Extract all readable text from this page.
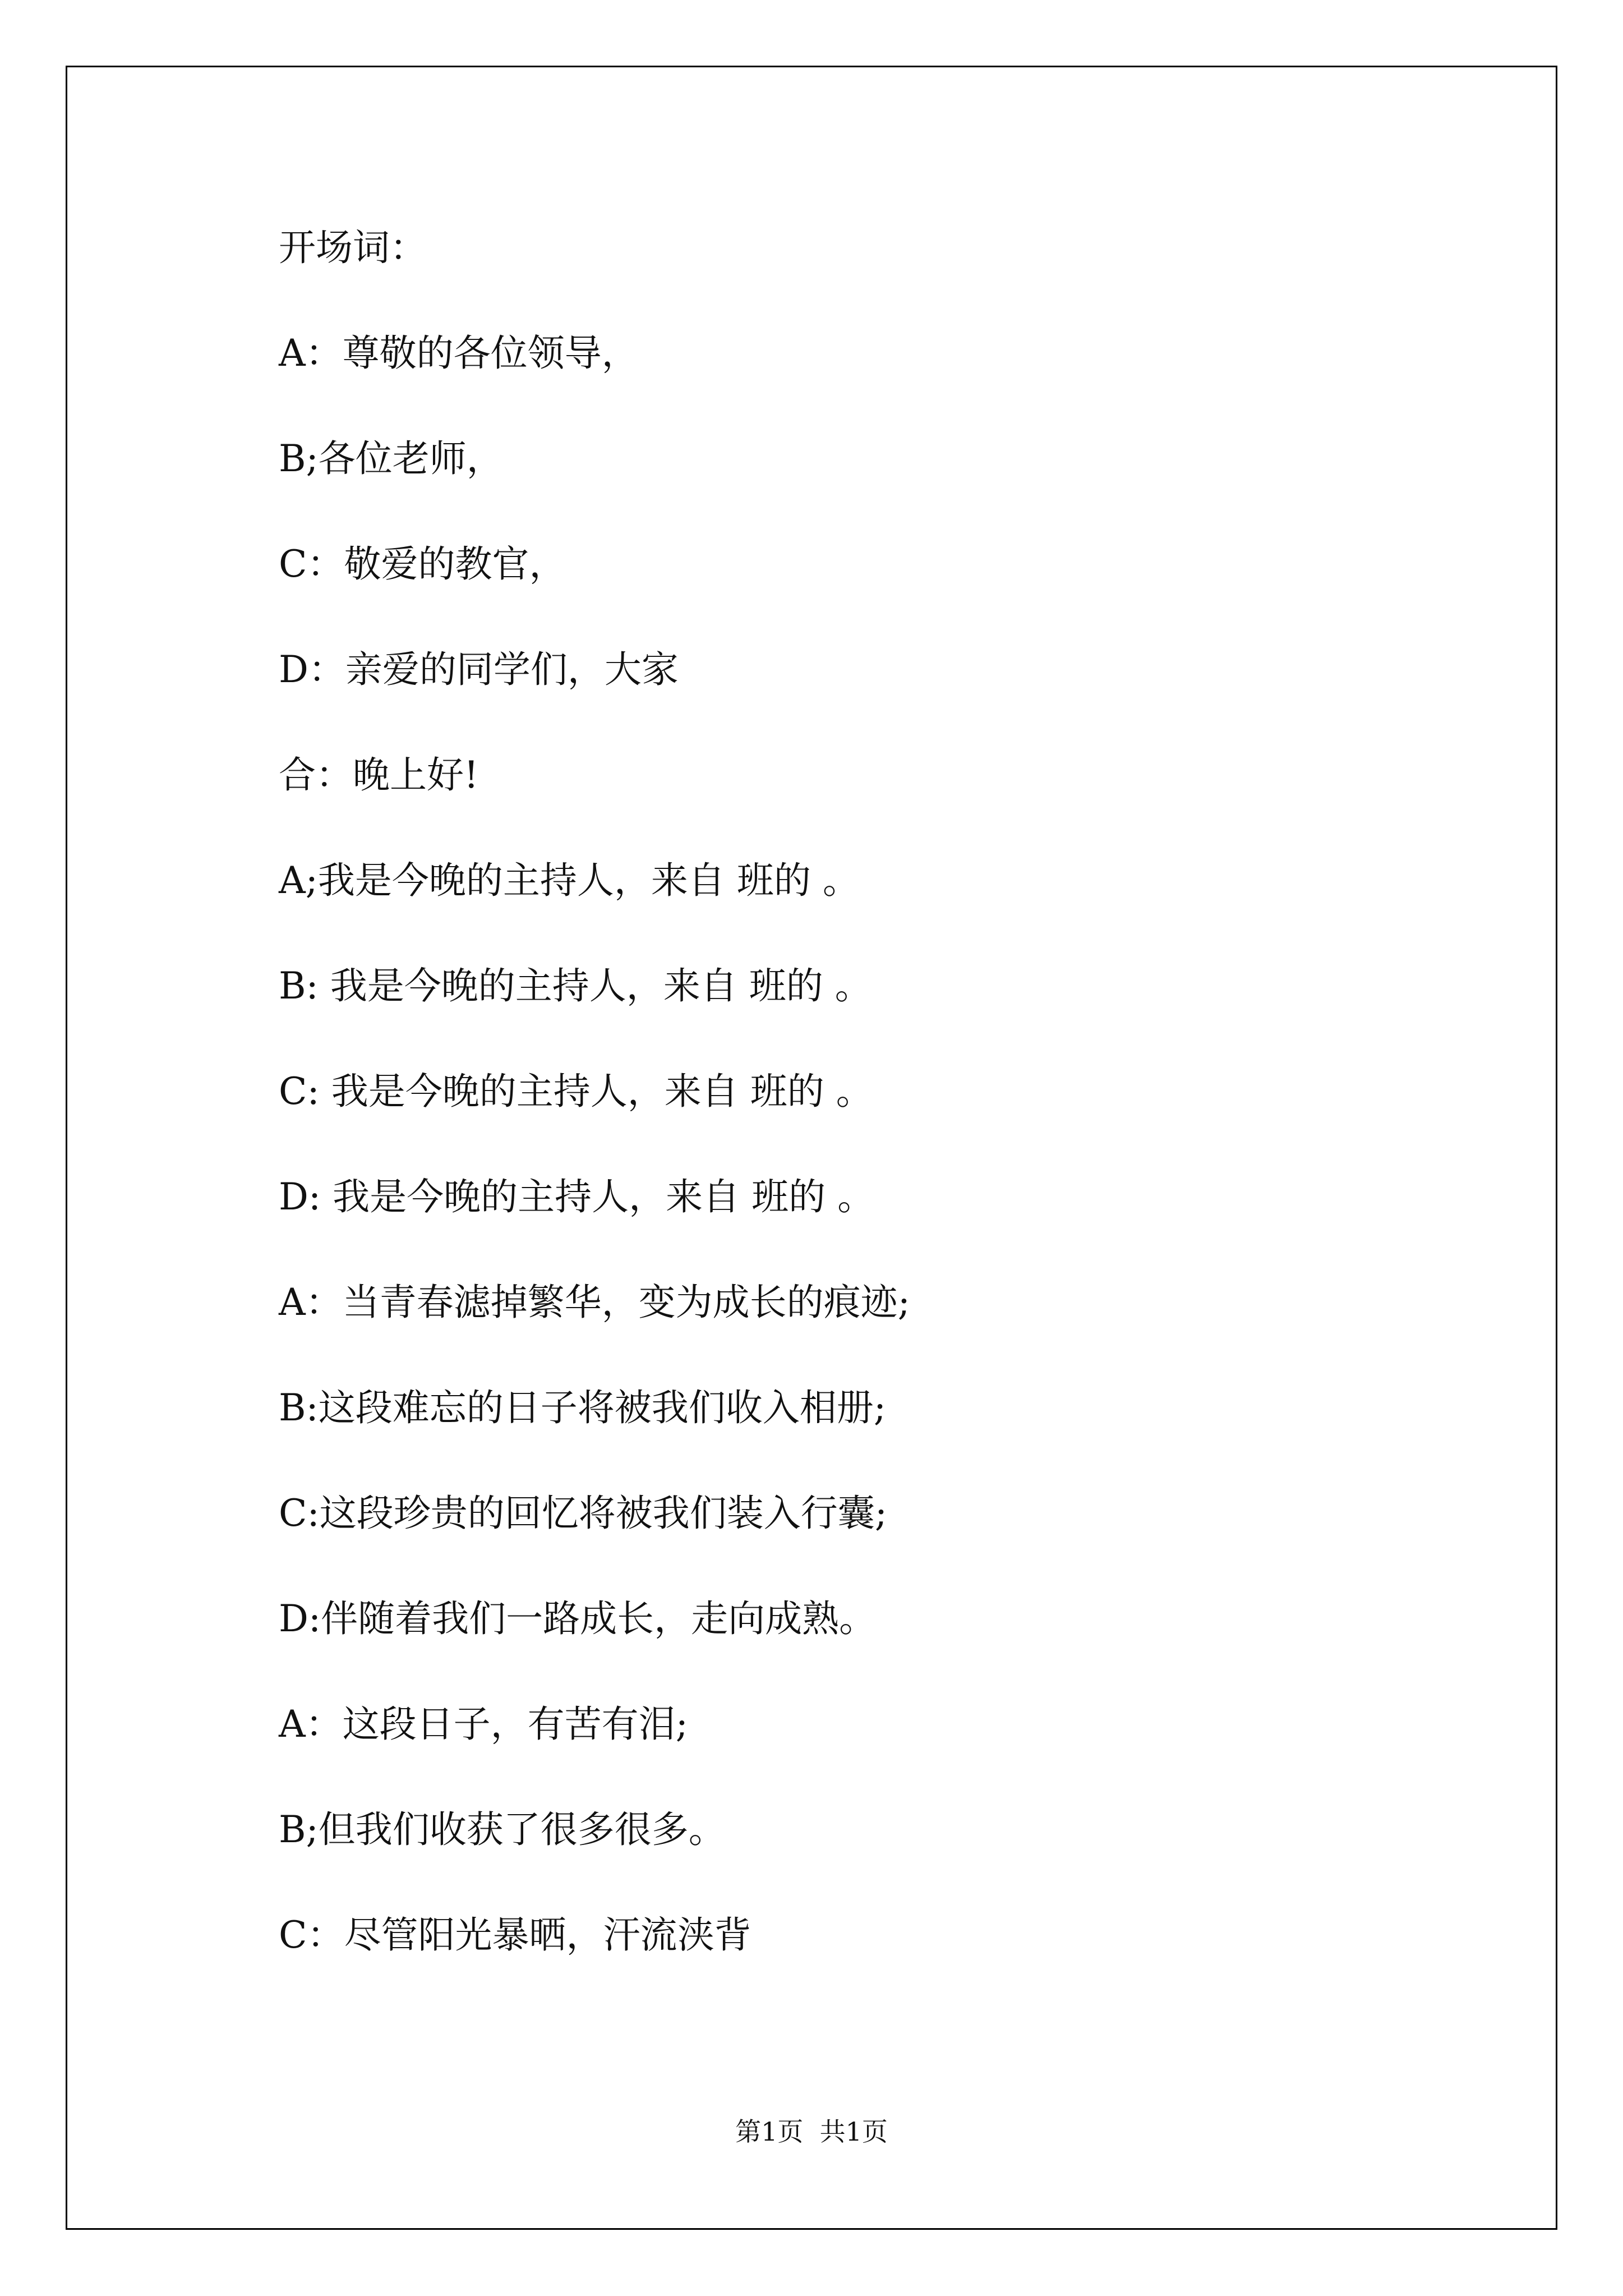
开场词：
A：尊敬的各位领导，
B;各位老师，
C：敬爱的教官，
D：亲爱的同学们，大家
合：晚上好!
A;我是今晚的主持人，来自 班的 。
B: 我是今晚的主持人，来自 班的 。
C: 我是今晚的主持人，来自 班的 。
D: 我是今晚的主持人，来自 班的 。
A：当青春滤掉繁华，变为成长的痕迹;
B:这段难忘的日子将被我们收入相册;
C:这段珍贵的回忆将被我们装入行囊;
D:伴随着我们一路成长，走向成熟。
A：这段日子，有苦有泪;
B;但我们收获了很多很多。
C：尽管阳光暴晒，汗流浃背
第1页  共1页
